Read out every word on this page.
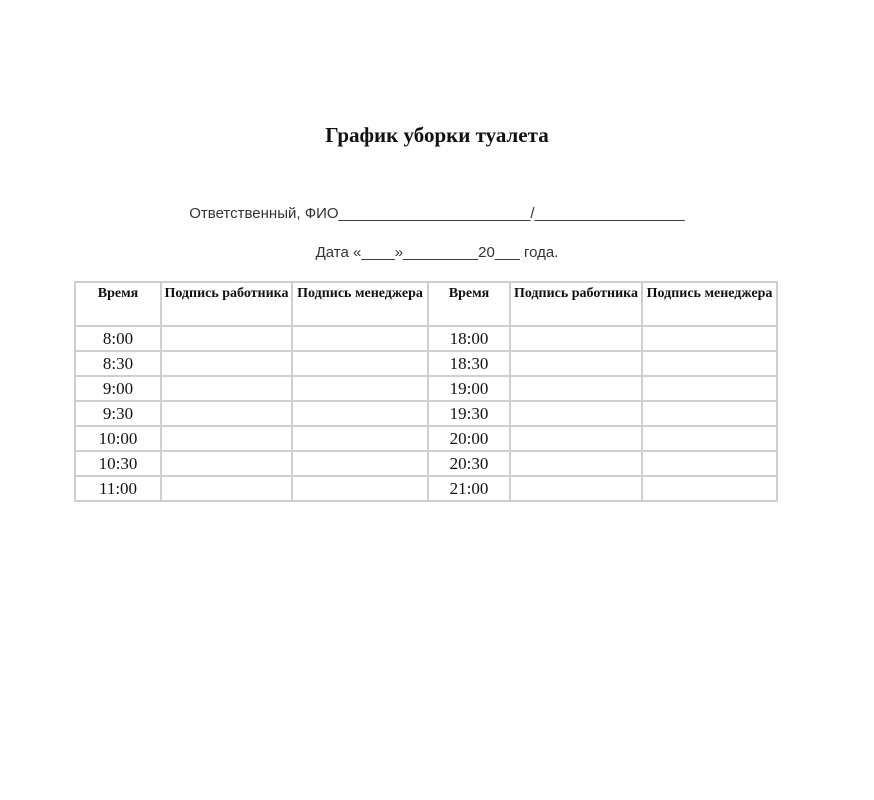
График уборки туалета
Ответственный, ФИО_______________________/__________________
Дата «____»_________20___ года.
Время	Подпись работника	Подпись менеджера	Время	Подпись работника	Подпись менеджера
8:00			18:00		
8:30			18:30		
9:00			19:00		
9:30			19:30		
10:00			20:00		
10:30			20:30		
11:00			21:00		
